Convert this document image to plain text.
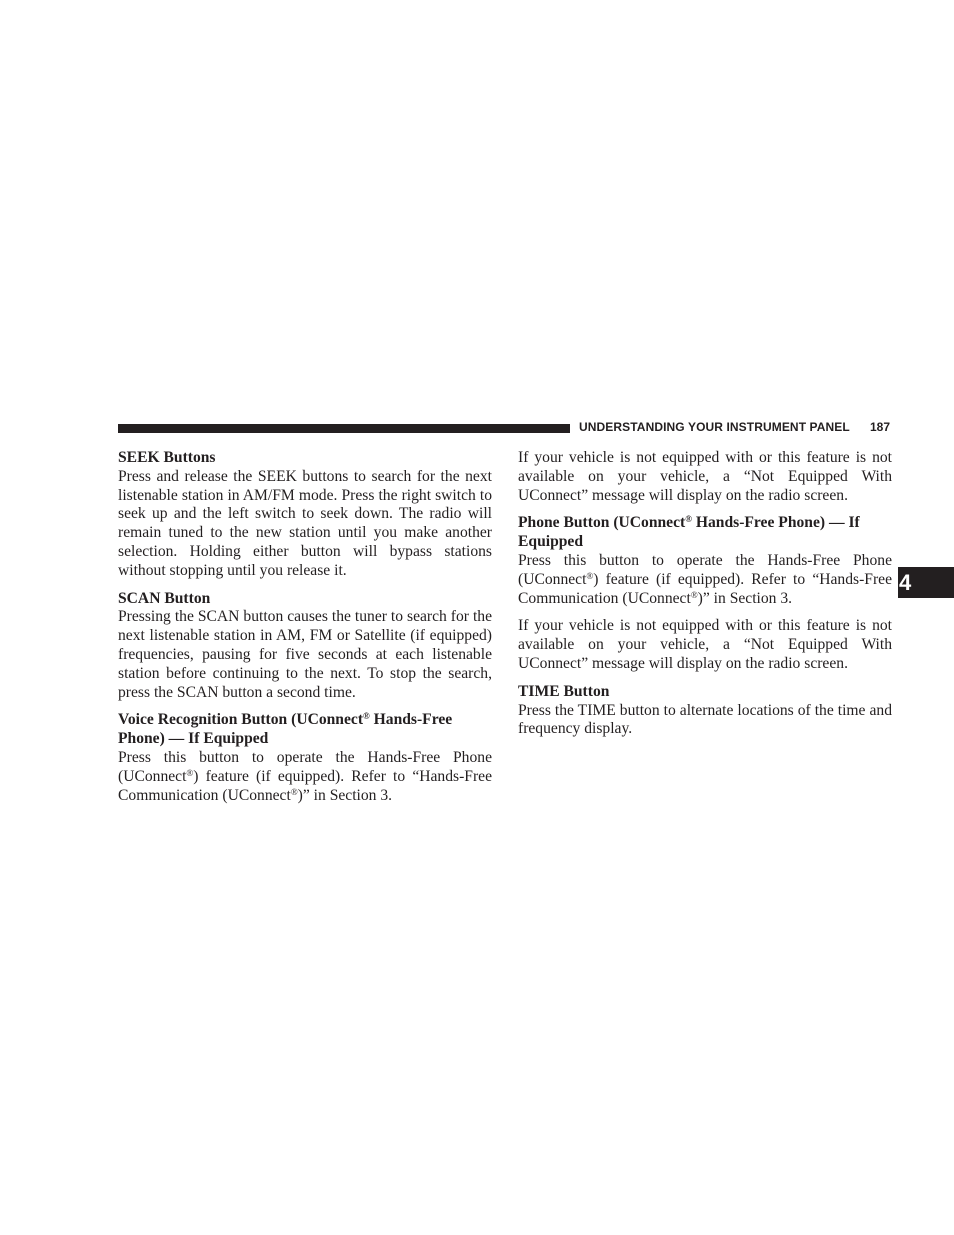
UNDERSTANDING YOUR INSTRUMENT PANEL 187
4

SEEK Buttons

Press and release the SEEK buttons to search for the next listenable station in AM/FM mode. Press the right switch to seek up and the left switch to seek down. The radio will remain tuned to the new station until you make another selection. Holding either button will bypass stations without stopping until you release it.

SCAN Button

Pressing the SCAN button causes the tuner to search for the next listenable station in AM, FM or Satellite (if equipped) frequencies, pausing for five seconds at each listenable station before continuing to the next. To stop the search, press the SCAN button a second time.

Voice Recognition Button (UConnect® Hands-Free Phone) — If Equipped

Press this button to operate the Hands-Free Phone (UConnect®) feature (if equipped). Refer to “Hands-Free Communication (UConnect®)” in Section 3.

If your vehicle is not equipped with or this feature is not available on your vehicle, a “Not Equipped With UConnect” message will display on the radio screen.

Phone Button (UConnect® Hands-Free Phone) — If Equipped

Press this button to operate the Hands-Free Phone (UConnect®) feature (if equipped). Refer to “Hands-Free Communication (UConnect®)” in Section 3.

If your vehicle is not equipped with or this feature is not available on your vehicle, a “Not Equipped With UConnect” message will display on the radio screen.

TIME Button

Press the TIME button to alternate locations of the time and frequency display.
